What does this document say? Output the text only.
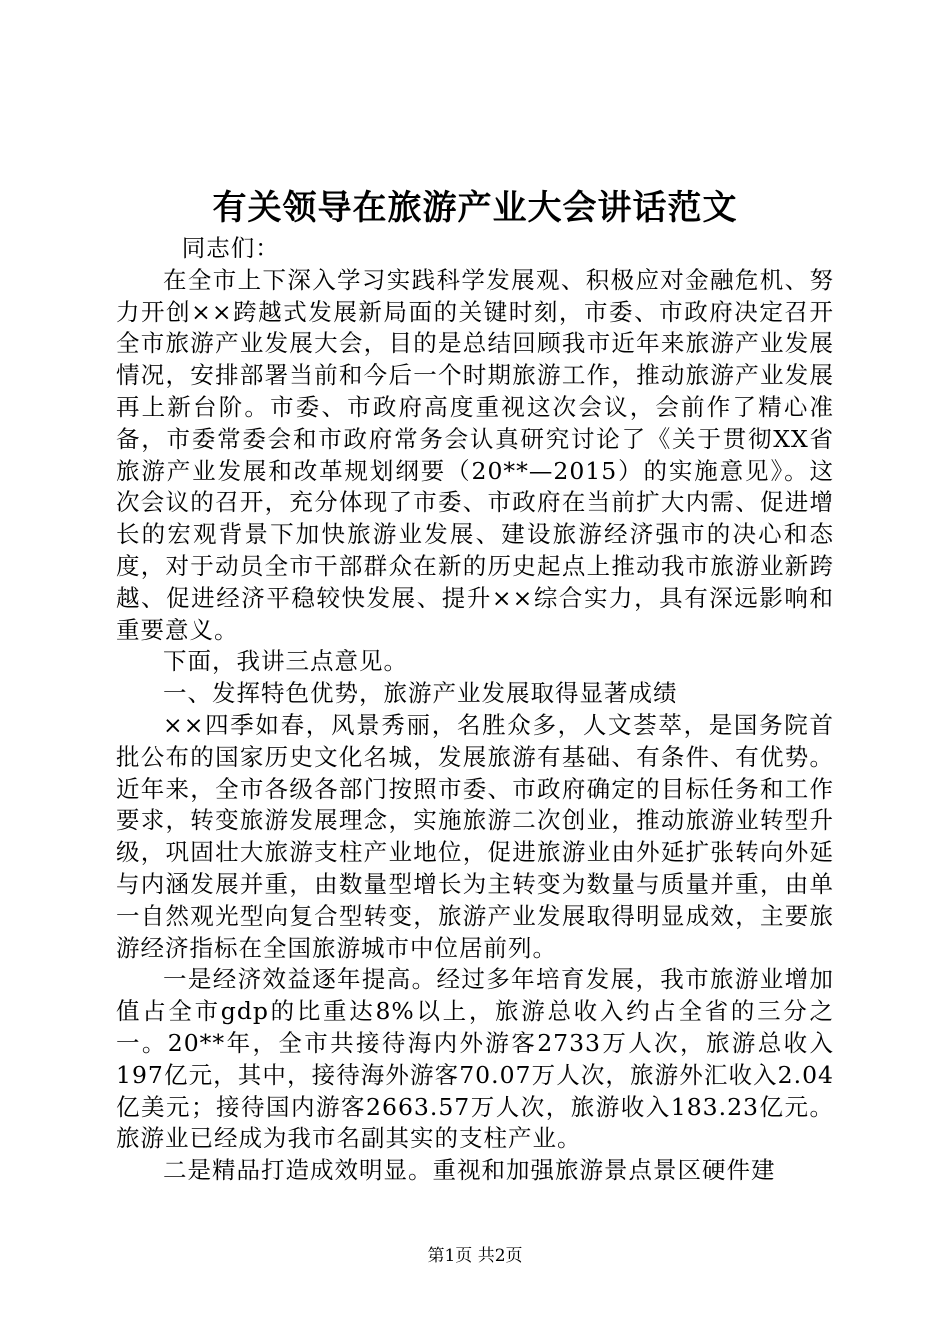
有关领导在旅游产业大会讲话范文

同志们：

在全市上下深入学习实践科学发展观、积极应对金融危机、努力开创××跨越式发展新局面的关键时刻，市委、市政府决定召开全市旅游产业发展大会，目的是总结回顾我市近年来旅游产业发展情况，安排部署当前和今后一个时期旅游工作，推动旅游产业发展再上新台阶。市委、市政府高度重视这次会议，会前作了精心准备，市委常委会和市政府常务会认真研究讨论了《关于贯彻XX省旅游产业发展和改革规划纲要（20**—2015）的实施意见》。这次会议的召开，充分体现了市委、市政府在当前扩大内需、促进增长的宏观背景下加快旅游业发展、建设旅游经济强市的决心和态度，对于动员全市干部群众在新的历史起点上推动我市旅游业新跨越、促进经济平稳较快发展、提升××综合实力，具有深远影响和重要意义。

下面，我讲三点意见。

一、发挥特色优势，旅游产业发展取得显著成绩

××四季如春，风景秀丽，名胜众多，人文荟萃，是国务院首批公布的国家历史文化名城，发展旅游有基础、有条件、有优势。近年来，全市各级各部门按照市委、市政府确定的目标任务和工作要求，转变旅游发展理念，实施旅游二次创业，推动旅游业转型升级，巩固壮大旅游支柱产业地位，促进旅游业由外延扩张转向外延与内涵发展并重，由数量型增长为主转变为数量与质量并重，由单一自然观光型向复合型转变，旅游产业发展取得明显成效，主要旅游经济指标在全国旅游城市中位居前列。

一是经济效益逐年提高。经过多年培育发展，我市旅游业增加值占全市gdp的比重达8%以上，旅游总收入约占全省的三分之一。20**年，全市共接待海内外游客2733万人次，旅游总收入197亿元，其中，接待海外游客70.07万人次，旅游外汇收入2.04亿美元；接待国内游客2663.57万人次，旅游收入183.23亿元。旅游业已经成为我市名副其实的支柱产业。

二是精品打造成效明显。重视和加强旅游景点景区硬件建

第1页 共2页
